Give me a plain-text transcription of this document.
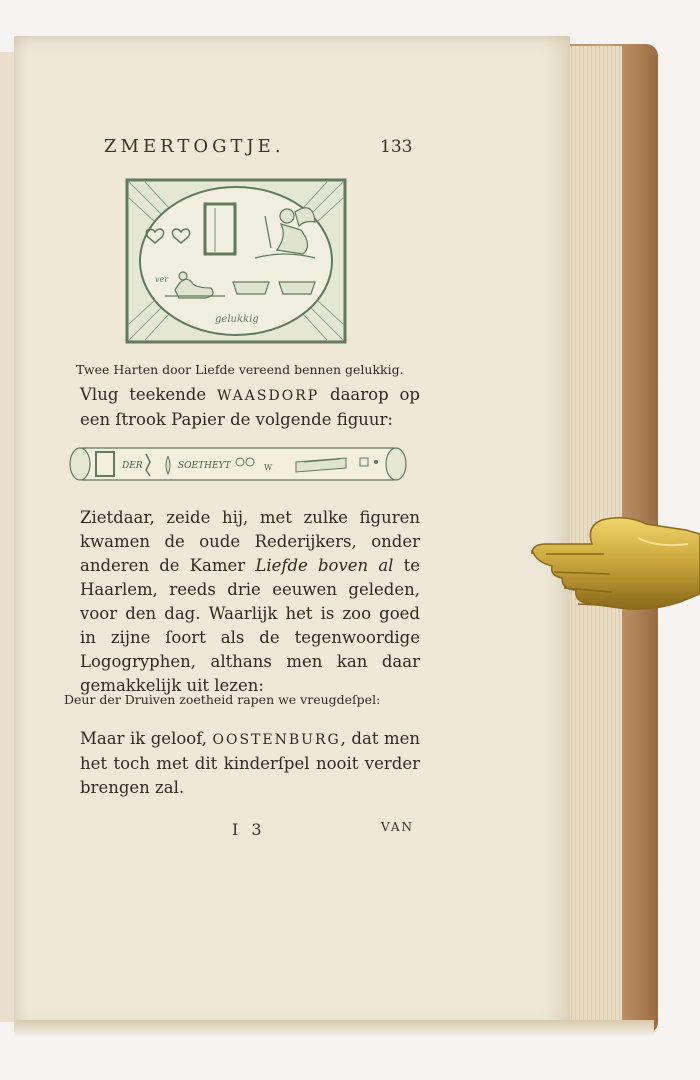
ZMERTOGTJE.	133
ver
gelukkig
Twee Harten door Liefde vereend bennen gelukkig.

Vlug teekende WAASDORP daarop op een ſtrook Papier de volgende figuur:

DER	SOETHEYT	W

Zietdaar, zeide hij, met zulke figuren kwamen de oude Rederijkers, onder anderen de Kamer Liefde boven al te Haarlem, reeds drie eeuwen geleden, voor den dag. Waarlijk het is zoo goed in zijne ſoort als de tegenwoordige Logogryphen, althans men kan daar gemakkelijk uit lezen:

Deur der Druiven zoetheid rapen we vreugdeſpel:

Maar ik geloof, OOSTENBURG, dat men het toch met dit kinderſpel nooit verder brengen zal.

I 3	VAN
